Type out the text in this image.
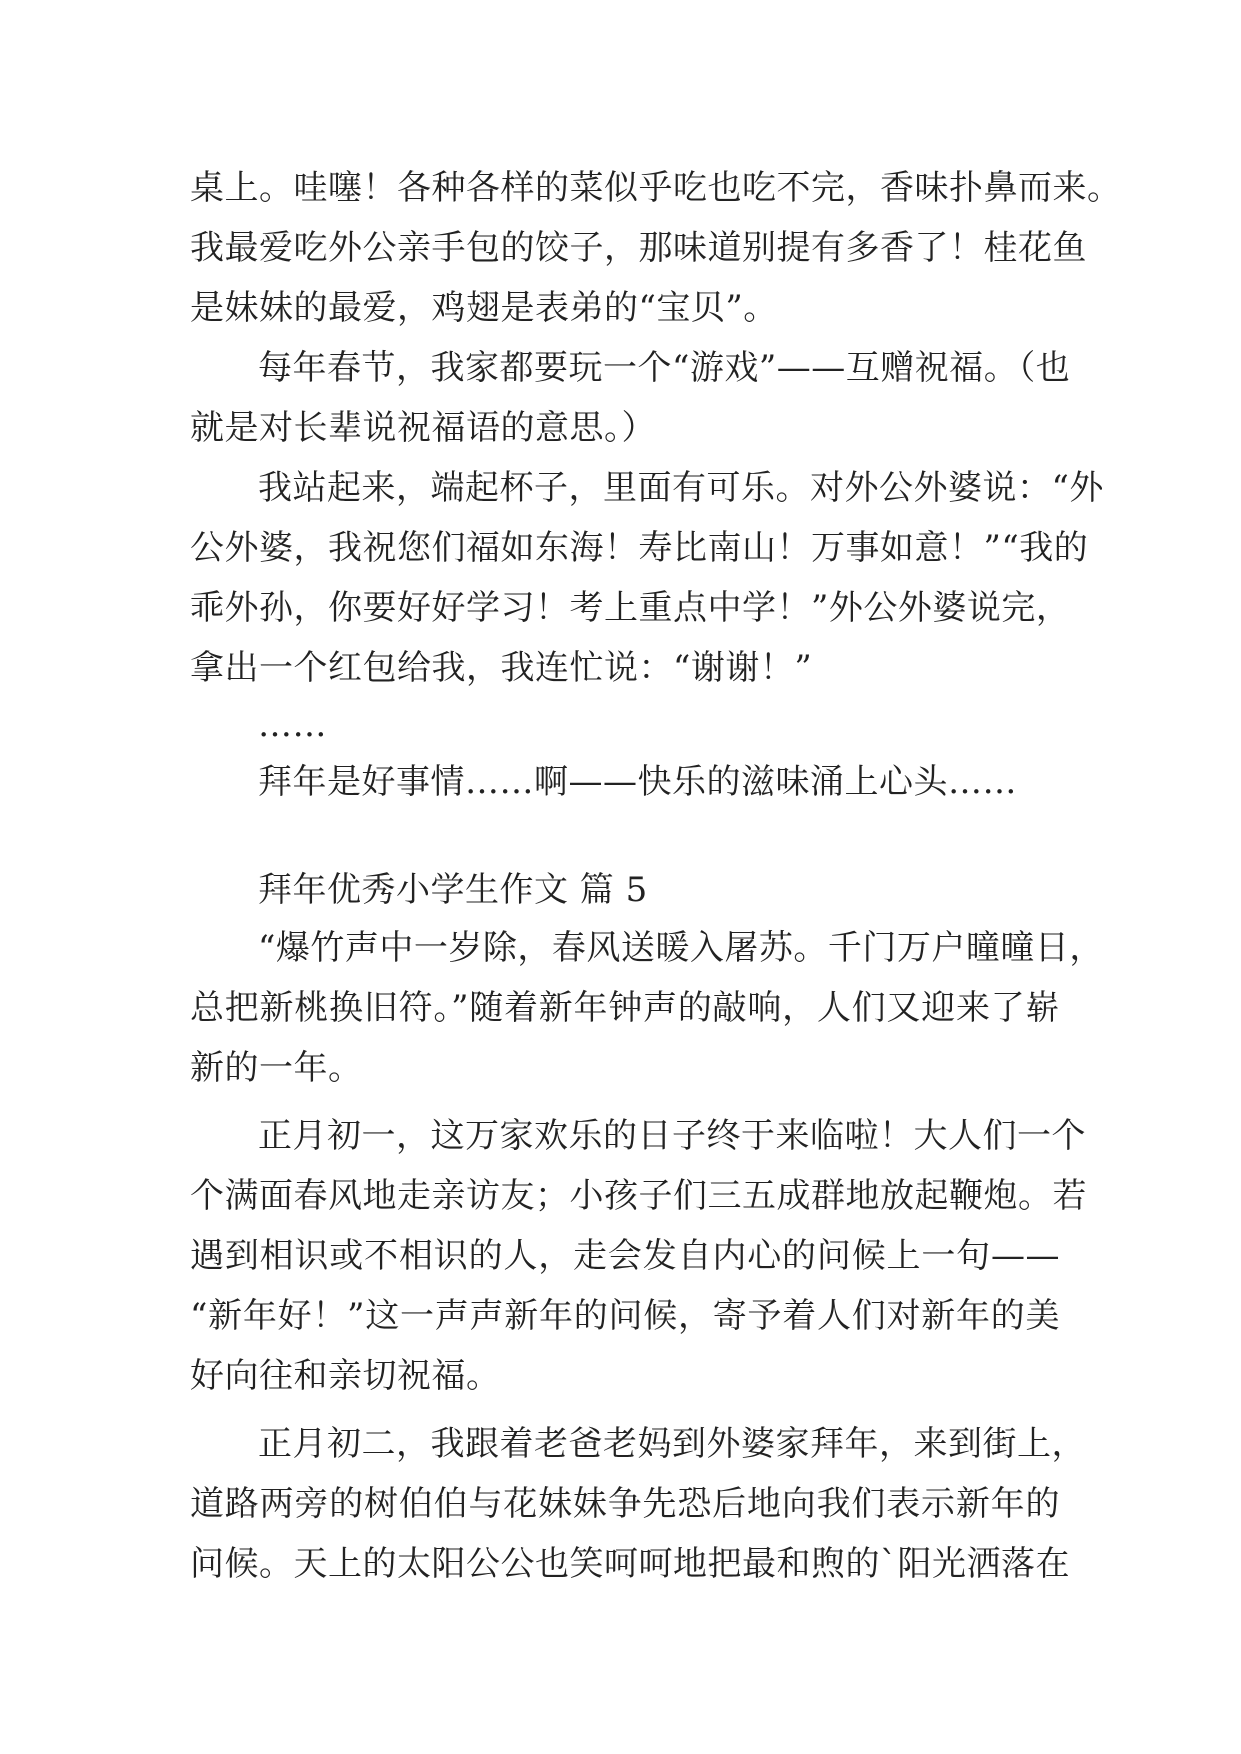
桌上。哇噻！各种各样的菜似乎吃也吃不完，香味扑鼻而来。
我最爱吃外公亲手包的饺子，那味道别提有多香了！桂花鱼
是妹妹的最爱，鸡翅是表弟的“宝贝”。
每年春节，我家都要玩一个“游戏”——互赠祝福。（也
就是对长辈说祝福语的意思。）
我站起来，端起杯子，里面有可乐。对外公外婆说：“外
公外婆，我祝您们福如东海！寿比南山！万事如意！”“我的
乖外孙，你要好好学习！考上重点中学！”外公外婆说完，
拿出一个红包给我，我连忙说：“谢谢！”
……
拜年是好事情……啊——快乐的滋味涌上心头……
拜年优秀小学生作文 篇 5
“爆竹声中一岁除，春风送暖入屠苏。千门万户曈曈日，
总把新桃换旧符。”随着新年钟声的敲响，人们又迎来了崭
新的一年。
正月初一，这万家欢乐的日子终于来临啦！大人们一个
个满面春风地走亲访友；小孩子们三五成群地放起鞭炮。若
遇到相识或不相识的人，走会发自内心的问候上一句——
“新年好！”这一声声新年的问候，寄予着人们对新年的美
好向往和亲切祝福。
正月初二，我跟着老爸老妈到外婆家拜年，来到街上，
道路两旁的树伯伯与花妹妹争先恐后地向我们表示新年的
问候。天上的太阳公公也笑呵呵地把最和煦的`阳光洒落在
